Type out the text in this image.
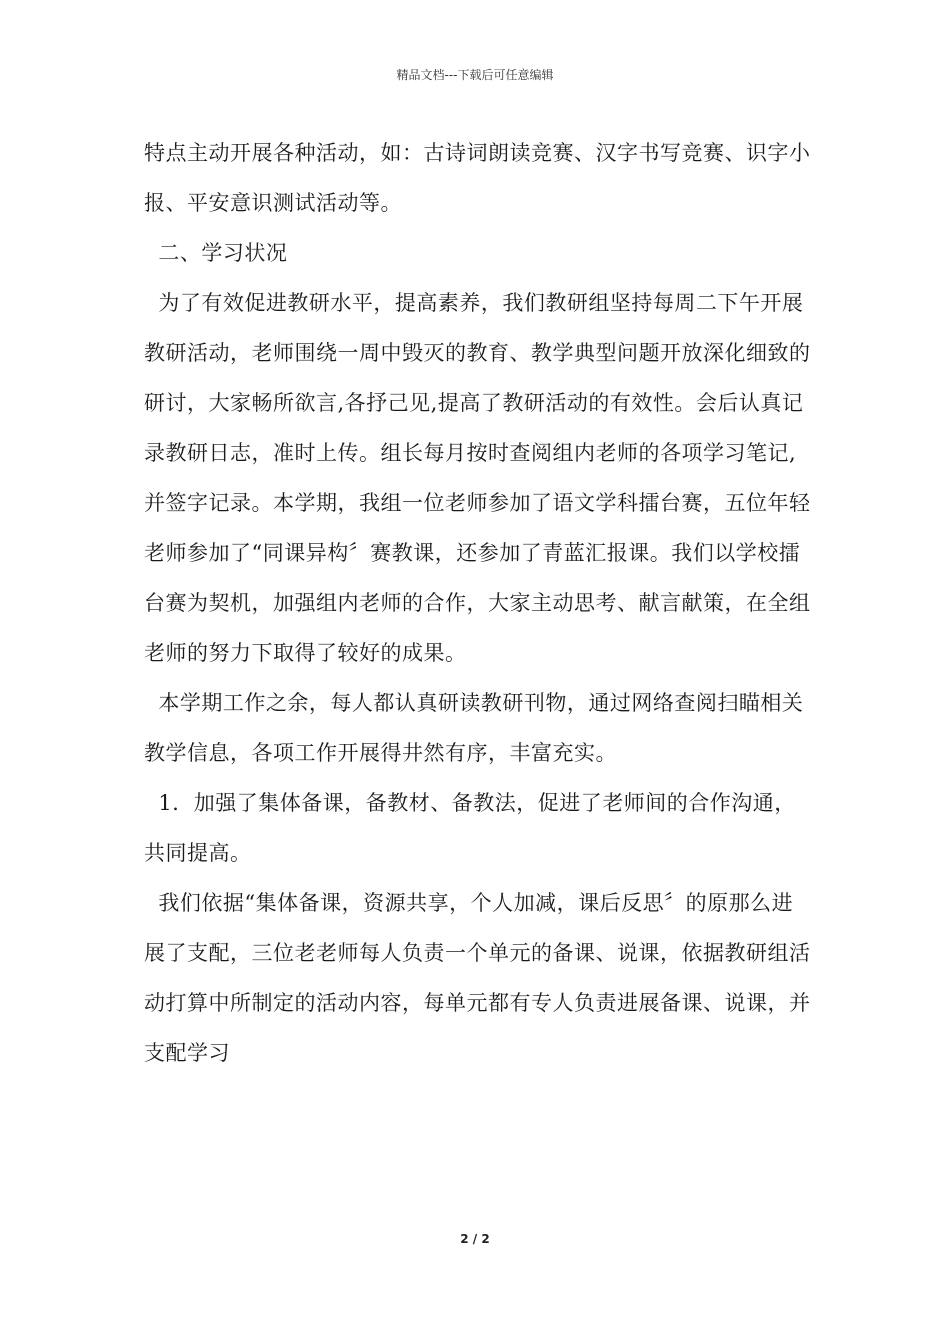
精品文档---下载后可任意编辑

特点主动开展各种活动，如：古诗词朗读竞赛、汉字书写竞赛、识字小报、平安意识测试活动等。

二、学习状况

为了有效促进教研水平，提高素养，我们教研组坚持每周二下午开展教研活动，老师围绕一周中毁灭的教育、教学典型问题开放深化细致的研讨，大家畅所欲言,各抒己见,提高了教研活动的有效性。会后认真记录教研日志，准时上传。组长每月按时查阅组内老师的各项学习笔记,并签字记录。本学期，我组一位老师参加了语文学科擂台赛，五位年轻老师参加了“同课异构〞赛教课，还参加了青蓝汇报课。我们以学校擂台赛为契机，加强组内老师的合作，大家主动思考、献言献策，在全组老师的努力下取得了较好的成果。

本学期工作之余，每人都认真研读教研刊物，通过网络查阅扫瞄相关教学信息，各项工作开展得井然有序，丰富充实。

1．加强了集体备课，备教材、备教法，促进了老师间的合作沟通，共同提高。

我们依据“集体备课，资源共享，个人加减，课后反思〞的原那么进展了支配，三位老老师每人负责一个单元的备课、说课，依据教研组活动打算中所制定的活动内容，每单元都有专人负责进展备课、说课，并支配学习

2 / 2
